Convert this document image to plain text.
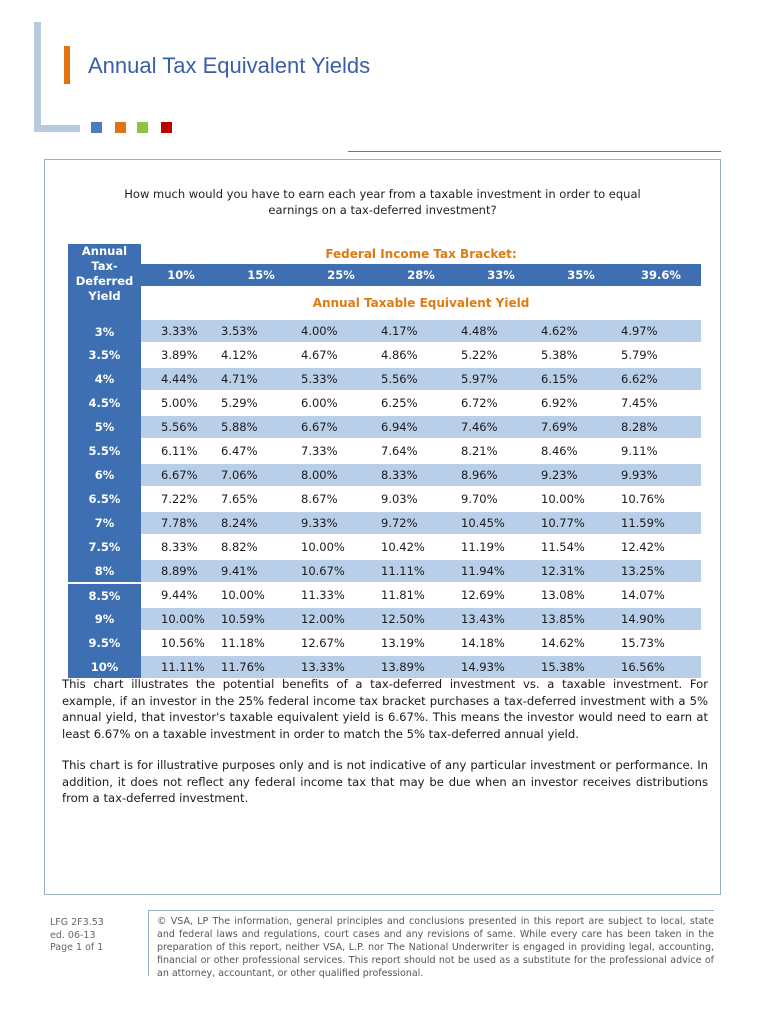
Annual Tax Equivalent Yields
How much would you have to earn each year from a taxable investment in order to equal earnings on a tax-deferred investment?
Annual Tax-Deferred Yield	Federal Income Tax Bracket:						
	10%	15%	25%	28%	33%	35%	39.6%
	Annual Taxable Equivalent Yield						
3%	3.33%	3.53%	4.00%	4.17%	4.48%	4.62%	4.97%
3.5%	3.89%	4.12%	4.67%	4.86%	5.22%	5.38%	5.79%
4%	4.44%	4.71%	5.33%	5.56%	5.97%	6.15%	6.62%
4.5%	5.00%	5.29%	6.00%	6.25%	6.72%	6.92%	7.45%
5%	5.56%	5.88%	6.67%	6.94%	7.46%	7.69%	8.28%
5.5%	6.11%	6.47%	7.33%	7.64%	8.21%	8.46%	9.11%
6%	6.67%	7.06%	8.00%	8.33%	8.96%	9.23%	9.93%
6.5%	7.22%	7.65%	8.67%	9.03%	9.70%	10.00%	10.76%
7%	7.78%	8.24%	9.33%	9.72%	10.45%	10.77%	11.59%
7.5%	8.33%	8.82%	10.00%	10.42%	11.19%	11.54%	12.42%
8%	8.89%	9.41%	10.67%	11.11%	11.94%	12.31%	13.25%
8.5%	9.44%	10.00%	11.33%	11.81%	12.69%	13.08%	14.07%
9%	10.00%	10.59%	12.00%	12.50%	13.43%	13.85%	14.90%
9.5%	10.56%	11.18%	12.67%	13.19%	14.18%	14.62%	15.73%
10%	11.11%	11.76%	13.33%	13.89%	14.93%	15.38%	16.56%
This chart illustrates the potential benefits of a tax-deferred investment vs. a taxable investment. For example, if an investor in the 25% federal income tax bracket purchases a tax-deferred investment with a 5% annual yield, that investor's taxable equivalent yield is 6.67%. This means the investor would need to earn at least 6.67% on a taxable investment in order to match the 5% tax-deferred annual yield.
This chart is for illustrative purposes only and is not indicative of any particular investment or performance. In addition, it does not reflect any federal income tax that may be due when an investor receives distributions from a tax-deferred investment.
LFG 2F3.53
ed. 06-13
Page 1 of 1
© VSA, LP The information, general principles and conclusions presented in this report are subject to local, state and federal laws and regulations, court cases and any revisions of same. While every care has been taken in the preparation of this report, neither VSA, L.P. nor The National Underwriter is engaged in providing legal, accounting, financial or other professional services. This report should not be used as a substitute for the professional advice of an attorney, accountant, or other qualified professional.
